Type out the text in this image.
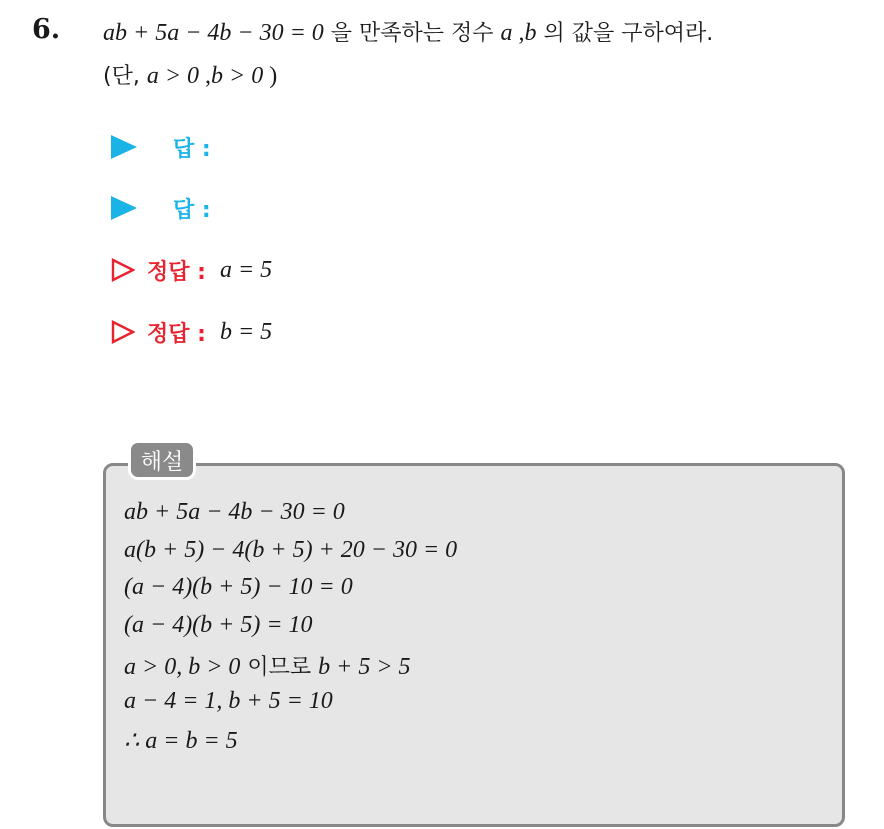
6. ab + 5a − 4b − 30 = 0 을 만족하는 정수 a ,b 의 값을 구하여라.
(단, a > 0 ,b > 0 )
답 :
답 :
정답 : a = 5
정답 : b = 5
해설
ab + 5a − 4b − 30 = 0
a(b + 5) − 4(b + 5) + 20 − 30 = 0
(a − 4)(b + 5) − 10 = 0
(a − 4)(b + 5) = 10
a > 0, b > 0 이므로 b + 5 > 5
a − 4 = 1, b + 5 = 10
∴ a = b = 5
